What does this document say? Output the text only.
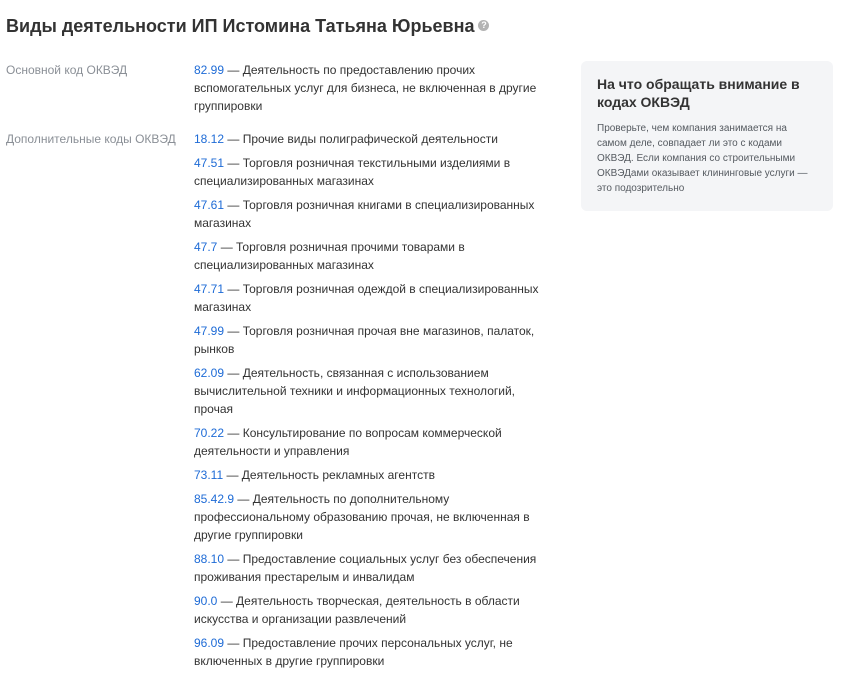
Виды деятельности ИП Истомина Татьяна Юрьевна ?
Основной код ОКВЭД	82.99 — Деятельность по предоставлению прочих вспомогательных услуг для бизнеса, не включенная в другие группировки
Дополнительные коды ОКВЭД 18.12 — Прочие виды полиграфической деятельности
47.51 — Торговля розничная текстильными изделиями в специализированных магазинах
47.61 — Торговля розничная книгами в специализированных магазинах
47.7 — Торговля розничная прочими товарами в специализированных магазинах
47.71 — Торговля розничная одеждой в специализированных магазинах
47.99 — Торговля розничная прочая вне магазинов, палаток, рынков
62.09 — Деятельность, связанная с использованием вычислительной техники и информационных технологий, прочая
70.22 — Консультирование по вопросам коммерческой деятельности и управления
73.11 — Деятельность рекламных агентств
85.42.9 — Деятельность по дополнительному профессиональному образованию прочая, не включенная в другие группировки
88.10 — Предоставление социальных услуг без обеспечения проживания престарелым и инвалидам
90.0 — Деятельность творческая, деятельность в области искусства и организации развлечений
96.09 — Предоставление прочих персональных услуг, не включенных в другие группировки
На что обращать внимание в кодах ОКВЭД

Проверьте, чем компания занимается на самом деле, совпадает ли это с кодами ОКВЭД. Если компания со строительными ОКВЭДами оказывает клининговые услуги — это подозрительно
